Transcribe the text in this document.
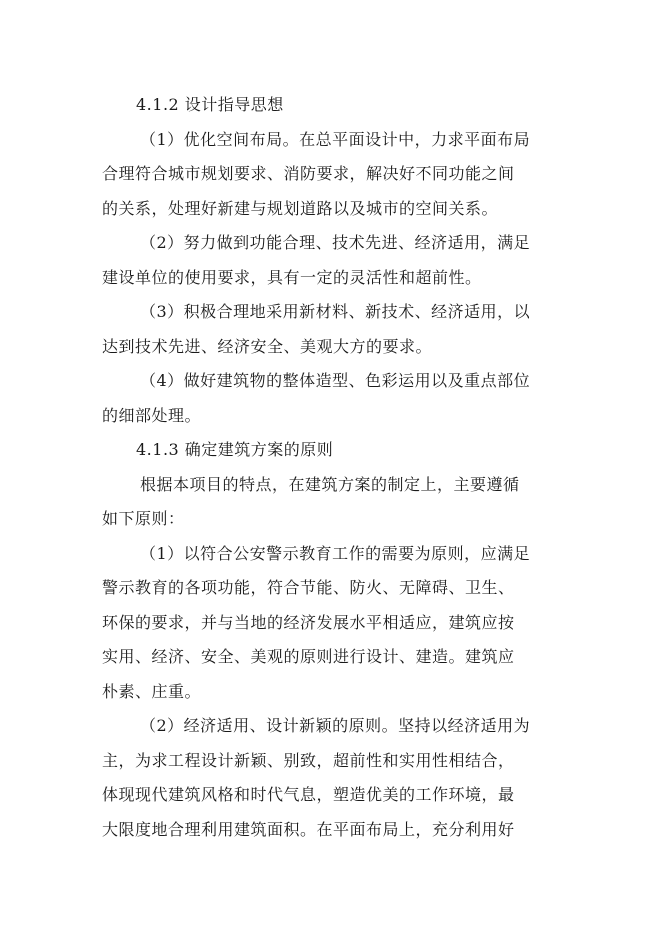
4.1.2 设计指导思想
（1）优化空间布局。在总平面设计中，力求平面布局
合理符合城市规划要求、消防要求，解决好不同功能之间
的关系，处理好新建与规划道路以及城市的空间关系。
（2）努力做到功能合理、技术先进、经济适用，满足
建设单位的使用要求，具有一定的灵活性和超前性。
（3）积极合理地采用新材料、新技术、经济适用，以
达到技术先进、经济安全、美观大方的要求。
（4）做好建筑物的整体造型、色彩运用以及重点部位
的细部处理。
4.1.3 确定建筑方案的原则
根据本项目的特点，在建筑方案的制定上，主要遵循
如下原则：
（1）以符合公安警示教育工作的需要为原则，应满足
警示教育的各项功能，符合节能、防火、无障碍、卫生、
环保的要求，并与当地的经济发展水平相适应，建筑应按
实用、经济、安全、美观的原则进行设计、建造。建筑应
朴素、庄重。
（2）经济适用、设计新颖的原则。坚持以经济适用为
主，为求工程设计新颖、别致，超前性和实用性相结合，
体现现代建筑风格和时代气息，塑造优美的工作环境，最
大限度地合理利用建筑面积。在平面布局上，充分利用好
